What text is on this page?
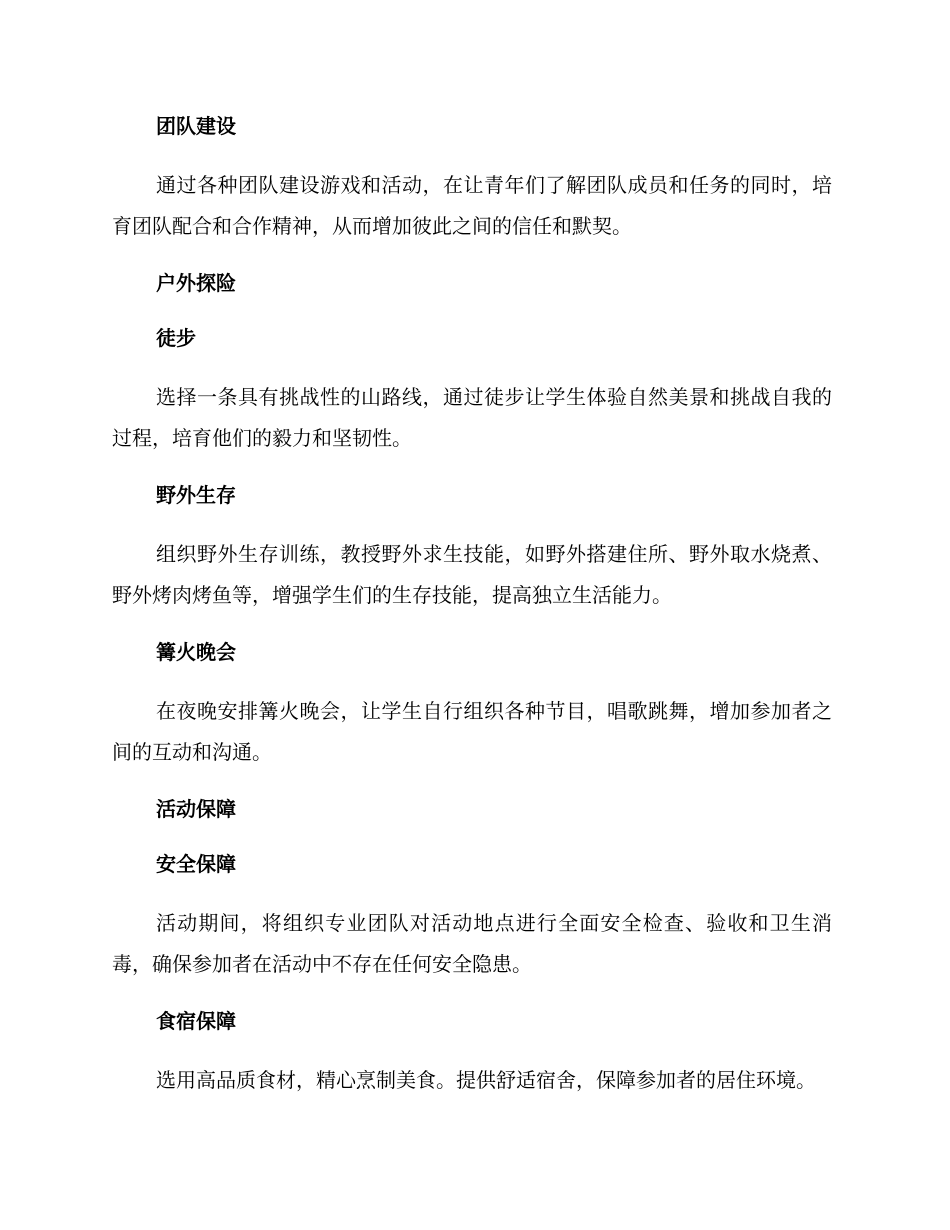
团队建设

通过各种团队建设游戏和活动，在让青年们了解团队成员和任务的同时，培育团队配合和合作精神，从而增加彼此之间的信任和默契。

户外探险
徒步

选择一条具有挑战性的山路线，通过徒步让学生体验自然美景和挑战自我的过程，培育他们的毅力和坚韧性。

野外生存

组织野外生存训练，教授野外求生技能，如野外搭建住所、野外取水烧煮、野外烤肉烤鱼等，增强学生们的生存技能，提高独立生活能力。

篝火晚会

在夜晚安排篝火晚会，让学生自行组织各种节目，唱歌跳舞，增加参加者之间的互动和沟通。

活动保障
安全保障

活动期间，将组织专业团队对活动地点进行全面安全检查、验收和卫生消毒，确保参加者在活动中不存在任何安全隐患。

食宿保障

选用高品质食材，精心烹制美食。提供舒适宿舍，保障参加者的居住环境。
